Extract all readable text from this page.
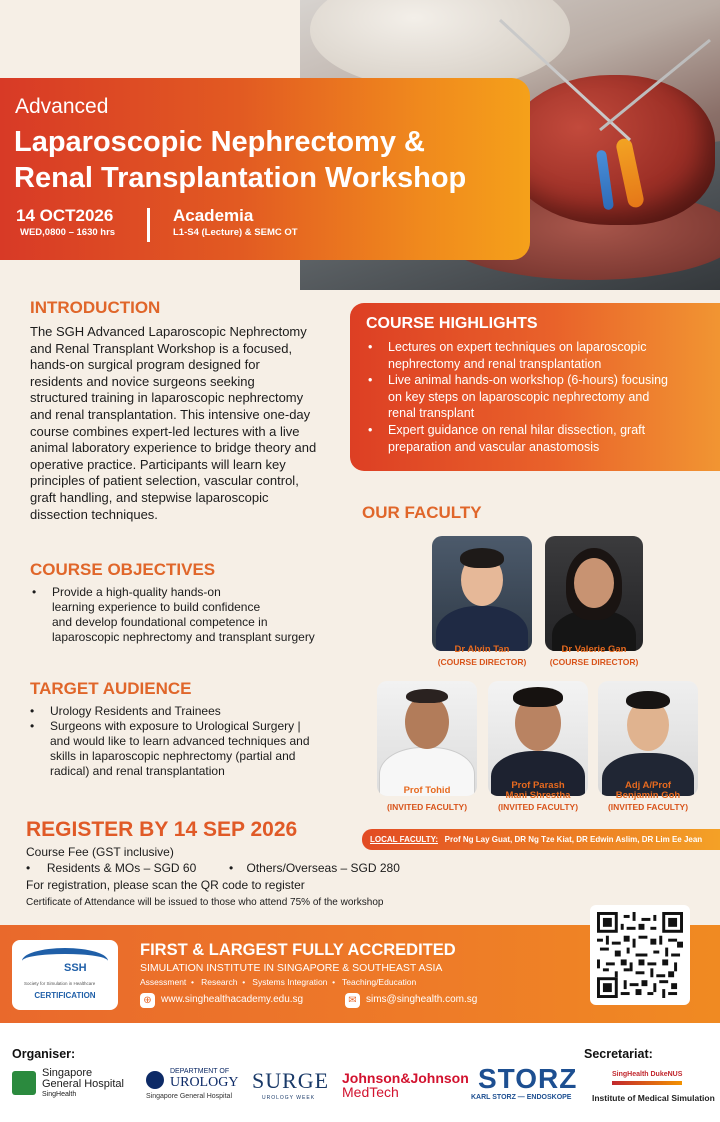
Advanced
Laparoscopic Nephrectomy &
Renal Transplantation Workshop
14 OCT2026
WED,0800 – 1630 hrs
Academia
L1-S4 (Lecture) & SEMC OT
INTRODUCTION
The SGH Advanced Laparoscopic Nephrectomy
and Renal Transplant Workshop is a focused,
hands-on surgical program designed for
residents and novice surgeons seeking
structured training in laparoscopic nephrectomy
and renal transplantation. This intensive one-day
course combines expert-led lectures with a live
animal laboratory experience to bridge theory and
operative practice. Participants will learn key
principles of patient selection, vascular control,
graft handling, and stepwise laparoscopic
dissection techniques.
COURSE OBJECTIVES
• Provide a high-quality hands-on
learning experience to build confidence
and develop foundational competence in
laparoscopic nephrectomy and transplant surgery
TARGET AUDIENCE
• Urology Residents and Trainees
• Surgeons with exposure to Urological Surgery |
and would like to learn advanced techniques and
skills in laparoscopic nephrectomy (partial and
radical) and renal transplantation
COURSE HIGHLIGHTS
• Lectures on expert techniques on laparoscopic
nephrectomy and renal transplantation
• Live animal hands-on workshop (6-hours) focusing
on key steps on laparoscopic nephrectomy and
renal transplant
• Expert guidance on renal hilar dissection, graft
preparation and vascular anastomosis
OUR FACULTY
Dr Alvin Tan
(COURSE DIRECTOR)
Dr Valerie Gan
(COURSE DIRECTOR)
Prof Tohid
(INVITED FACULTY)
Prof Parash
Mani Shrestha
(INVITED FACULTY)
Adj A/Prof
Benjamin Goh
(INVITED FACULTY)
LOCAL FACULTY: Prof Ng Lay Guat, DR Ng Tze Kiat, DR Edwin Aslim, DR Lim Ee Jean
REGISTER BY 14 SEP 2026
Course Fee (GST inclusive)
•     Residents & MOs – SGD 60	•    Others/Overseas – SGD 280
For registration, please scan the QR code to register
Certificate of Attendance will be issued to those who attend 75% of the workshop
SSH
Society for Simulation in Healthcare
CERTIFICATION
FIRST & LARGEST FULLY ACCREDITED
SIMULATION INSTITUTE IN SINGAPORE & SOUTHEAST ASIA
Assessment  •   Research  •   Systems Integration  •   Teaching/Education
⊕ www.singhealthacademy.edu.sg	✉ sims@singhealth.com.sg
Organiser:	Secretariat:
Singapore
General Hospital
SingHealth
DEPARTMENT OF
UROLOGY
Singapore General Hospital
SURGE
UROLOGY WEEK
Johnson&Johnson
MedTech	STORZ
KARL STORZ — ENDOSKOPE
SingHealth DukeNUS
Institute of Medical Simulation
